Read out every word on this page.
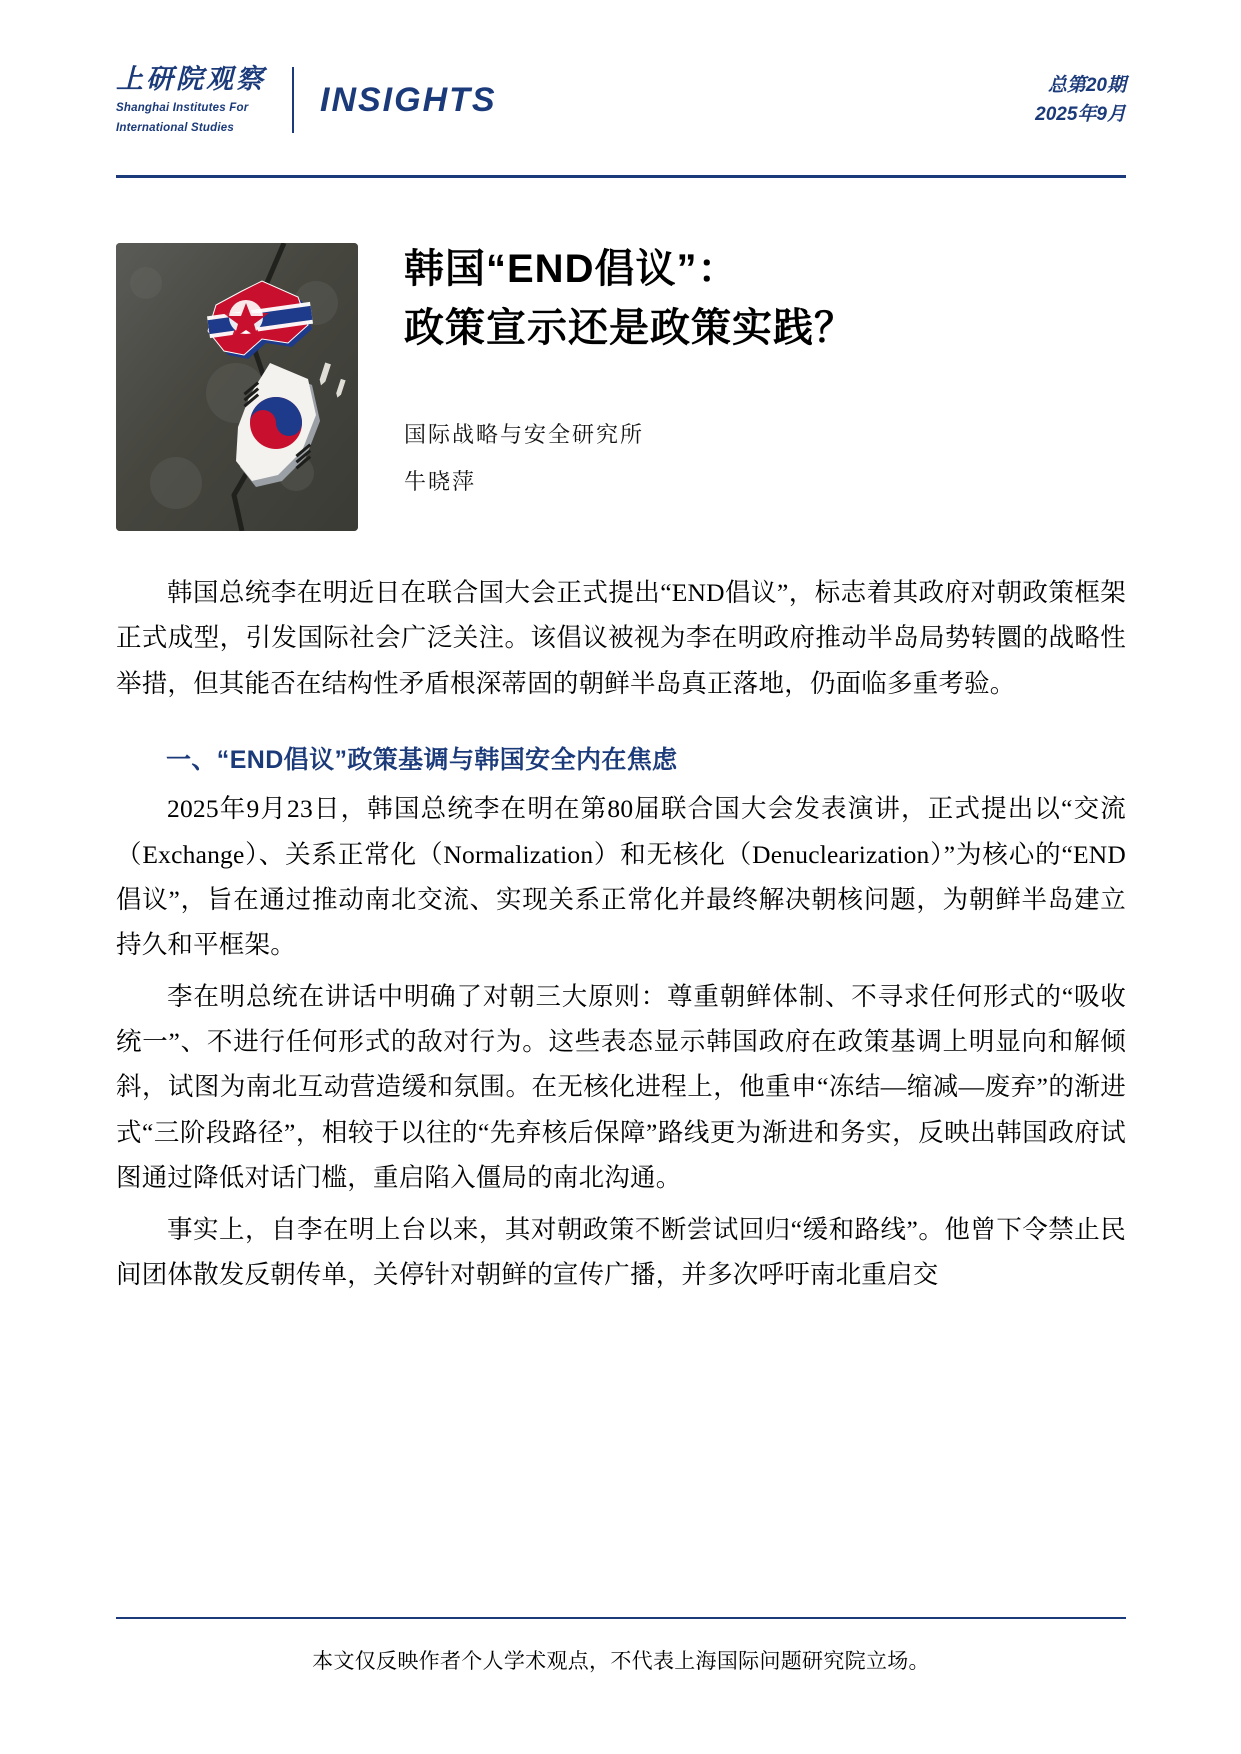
上研院观察
Shanghai Institutes For
International Studies
INSIGHTS	总第20期
2025年9月
韩国“END倡议”：
政策宣示还是政策实践？
国际战略与安全研究所
牛晓萍

韩国总统李在明近日在联合国大会正式提出“END倡议”，标志着其政府对朝政策框架正式成型，引发国际社会广泛关注。该倡议被视为李在明政府推动半岛局势转圜的战略性举措，但其能否在结构性矛盾根深蒂固的朝鲜半岛真正落地，仍面临多重考验。

一、“END倡议”政策基调与韩国安全内在焦虑

2025年9月23日，韩国总统李在明在第80届联合国大会发表演讲，正式提出以“交流（Exchange）、关系正常化（Normalization）和无核化（Denuclearization）”为核心的“END倡议”，旨在通过推动南北交流、实现关系正常化并最终解决朝核问题，为朝鲜半岛建立持久和平框架。

李在明总统在讲话中明确了对朝三大原则：尊重朝鲜体制、不寻求任何形式的“吸收统一”、不进行任何形式的敌对行为。这些表态显示韩国政府在政策基调上明显向和解倾斜，试图为南北互动营造缓和氛围。在无核化进程上，他重申“冻结—缩减—废弃”的渐进式“三阶段路径”，相较于以往的“先弃核后保障”路线更为渐进和务实，反映出韩国政府试图通过降低对话门槛，重启陷入僵局的南北沟通。

事实上，自李在明上台以来，其对朝政策不断尝试回归“缓和路线”。他曾下令禁止民间团体散发反朝传单，关停针对朝鲜的宣传广播，并多次呼吁南北重启交

本文仅反映作者个人学术观点，不代表上海国际问题研究院立场。
